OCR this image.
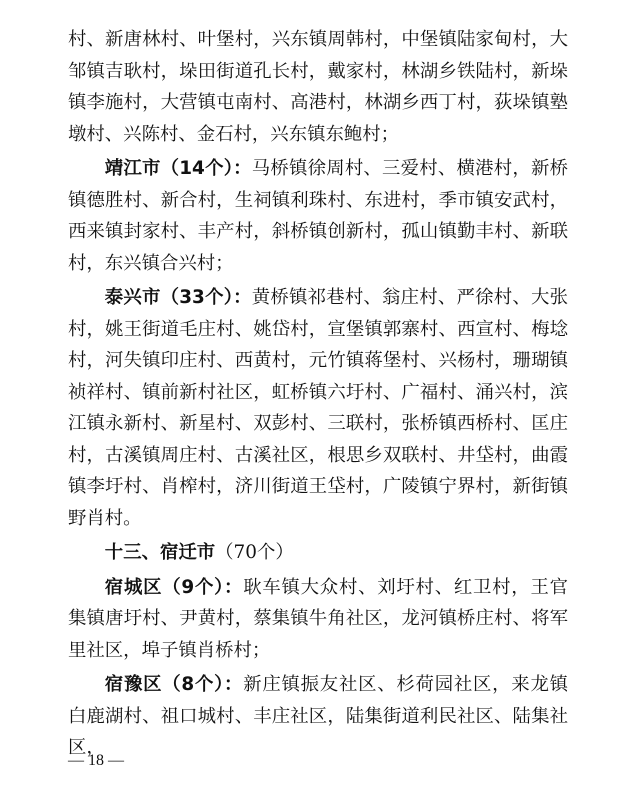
村、新唐林村、叶堡村，兴东镇周韩村，中堡镇陆家甸村，大邹镇吉耿村，垛田街道孔长村，戴家村，林湖乡铁陆村，新垛镇李施村，大营镇屯南村、高港村，林湖乡西丁村，荻垛镇塾墩村、兴陈村、金石村，兴东镇东鲍村；

靖江市（14个）：马桥镇徐周村、三爱村、横港村，新桥镇德胜村、新合村，生祠镇利珠村、东进村，季市镇安武村，西来镇封家村、丰产村，斜桥镇创新村，孤山镇勤丰村、新联村，东兴镇合兴村；

泰兴市（33个）：黄桥镇祁巷村、翁庄村、严徐村、大张村，姚王街道毛庄村、姚岱村，宣堡镇郭寨村、西宣村、梅埝村，河失镇印庄村、西黄村，元竹镇蒋堡村、兴杨村，珊瑚镇祯祥村、镇前新村社区，虹桥镇六圩村、广福村、涌兴村，滨江镇永新村、新星村、双彭村、三联村，张桥镇西桥村、匡庄村，古溪镇周庄村、古溪社区，根思乡双联村、井垈村，曲霞镇李圩村、肖榨村，济川街道王垈村，广陵镇宁界村，新街镇野肖村。

十三、宿迁市（70个）

宿城区（9个）：耿车镇大众村、刘圩村、红卫村，王官集镇唐圩村、尹黄村，蔡集镇牛角社区，龙河镇桥庄村、将军里社区，埠子镇肖桥村；

宿豫区（8个）：新庄镇振友社区、杉荷园社区，来龙镇白鹿湖村、祖口城村、丰庄社区，陆集街道利民社区、陆集社区，

— 18 —
